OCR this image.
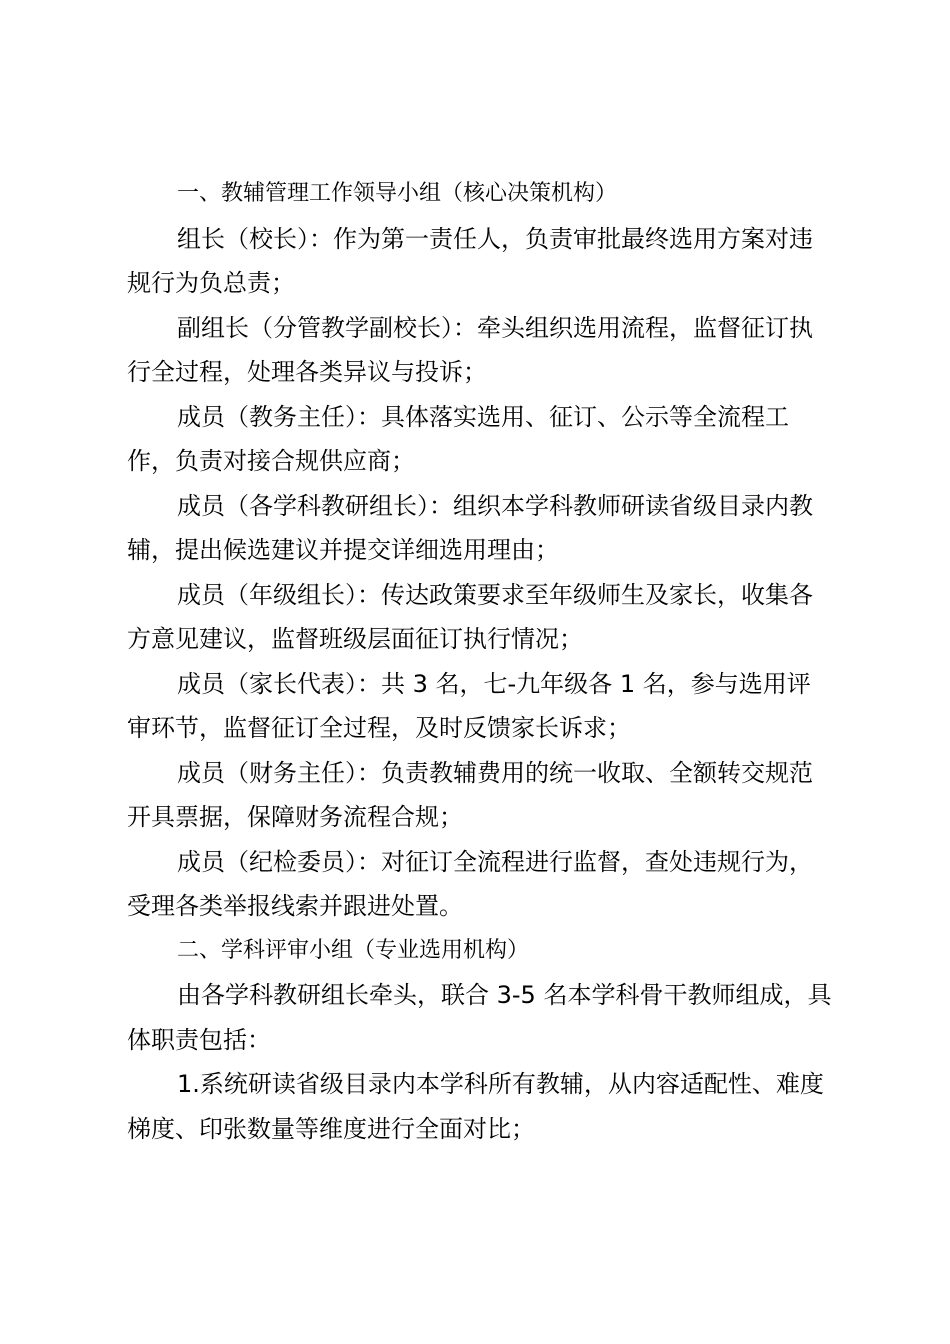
一、教辅管理工作领导小组（核心决策机构）

组长（校长）：作为第一责任人，负责审批最终选用方案对违规行为负总责；

副组长（分管教学副校长）：牵头组织选用流程，监督征订执行全过程，处理各类异议与投诉；

成员（教务主任）：具体落实选用、征订、公示等全流程工作，负责对接合规供应商；

成员（各学科教研组长）：组织本学科教师研读省级目录内教辅，提出候选建议并提交详细选用理由；

成员（年级组长）：传达政策要求至年级师生及家长，收集各方意见建议，监督班级层面征订执行情况；

成员（家长代表）：共 3 名，七-九年级各 1 名，参与选用评审环节，监督征订全过程，及时反馈家长诉求；

成员（财务主任）：负责教辅费用的统一收取、全额转交规范开具票据，保障财务流程合规；

成员（纪检委员）：对征订全流程进行监督，查处违规行为，受理各类举报线索并跟进处置。

二、学科评审小组（专业选用机构）

由各学科教研组长牵头，联合 3-5 名本学科骨干教师组成，具体职责包括：

1.系统研读省级目录内本学科所有教辅，从内容适配性、难度梯度、印张数量等维度进行全面对比；
